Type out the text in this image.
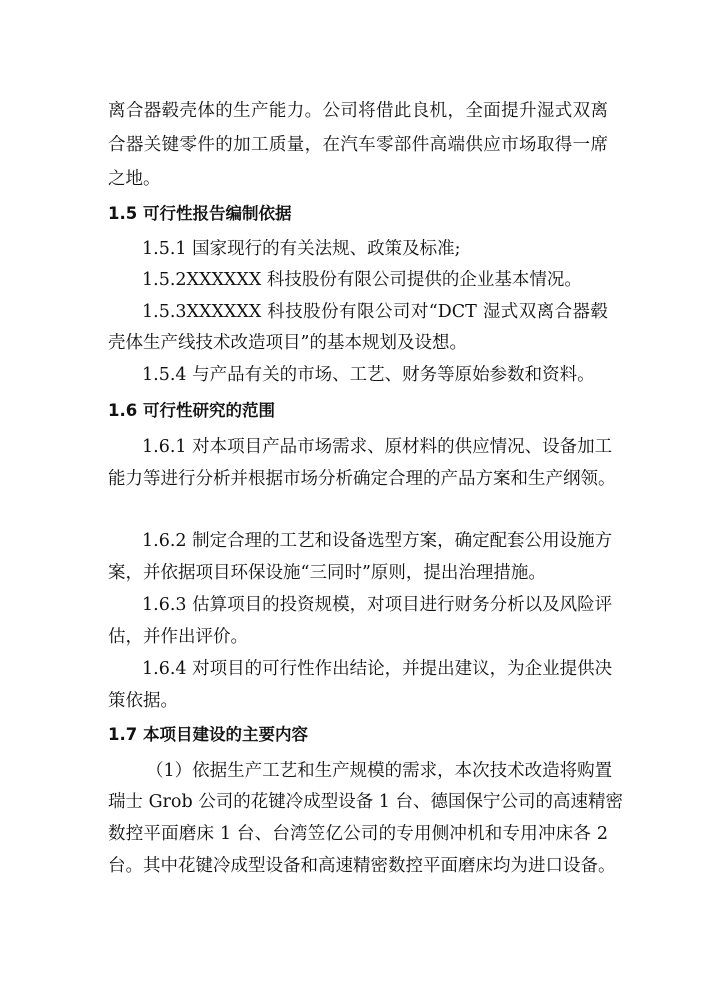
离合器毂壳体的生产能力。公司将借此良机，全面提升湿式双离
合器关键零件的加工质量，在汽车零部件高端供应市场取得一席
之地。
1.5 可行性报告编制依据
1.5.1 国家现行的有关法规、政策及标准;
1.5.2XXXXXX 科技股份有限公司提供的企业基本情况。
1.5.3XXXXXX 科技股份有限公司对“DCT 湿式双离合器毂
壳体生产线技术改造项目”的基本规划及设想。
1.5.4 与产品有关的市场、工艺、财务等原始参数和资料。
1.6 可行性研究的范围
1.6.1 对本项目产品市场需求、原材料的供应情况、设备加工
能力等进行分析并根据市场分析确定合理的产品方案和生产纲领。
1.6.2 制定合理的工艺和设备选型方案，确定配套公用设施方
案，并依据项目环保设施“三同时”原则，提出治理措施。
1.6.3 估算项目的投资规模，对项目进行财务分析以及风险评
估，并作出评价。
1.6.4 对项目的可行性作出结论，并提出建议，为企业提供决
策依据。
1.7 本项目建设的主要内容
（1）依据生产工艺和生产规模的需求，本次技术改造将购置
瑞士 Grob 公司的花键冷成型设备 1 台、德国保宁公司的高速精密
数控平面磨床 1 台、台湾笠亿公司的专用侧冲机和专用冲床各 2
台。其中花键冷成型设备和高速精密数控平面磨床均为进口设备。
